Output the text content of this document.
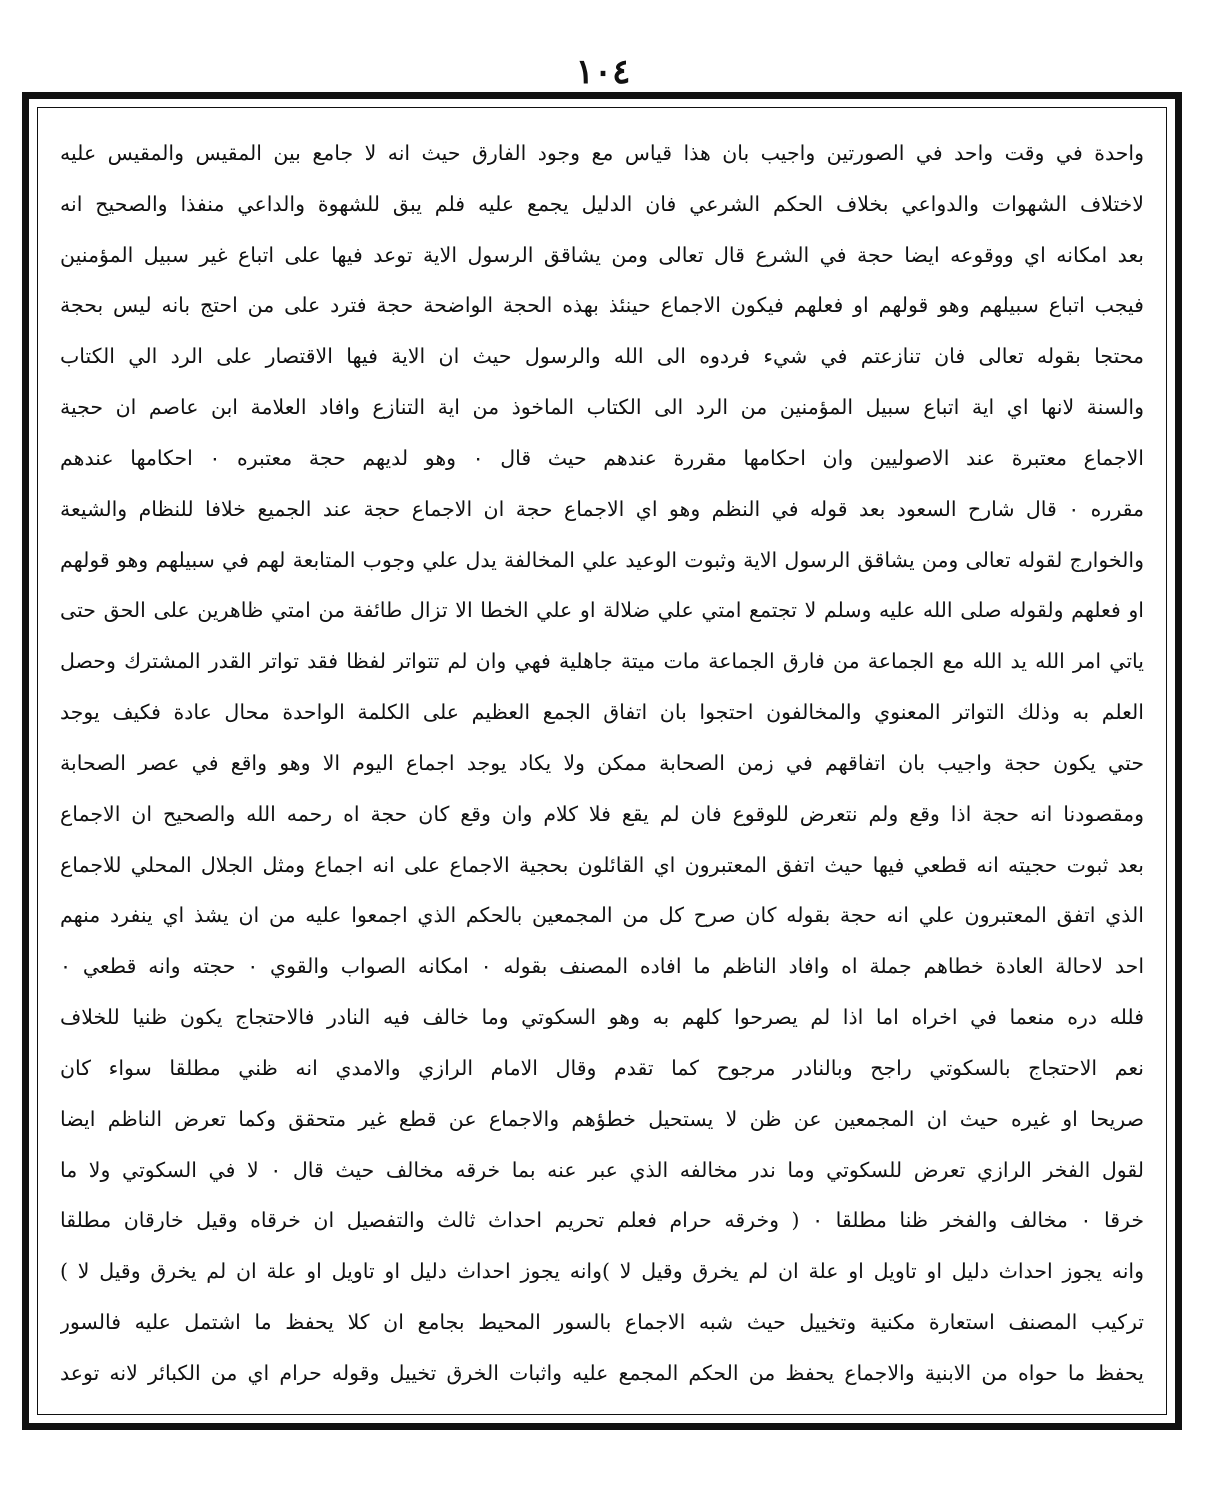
١٠٤
واحدة في وقت واحد في الصورتين واجيب بان هذا قياس مع وجود الفارق حيث انه لا جامع بين المقيس والمقيس عليه
لاختلاف الشهوات والدواعي بخلاف الحكم الشرعي فان الدليل يجمع عليه فلم يبق للشهوة والداعي منفذا والصحيح انه
بعد امكانه اي ووقوعه ايضا حجة في الشرع قال تعالى ومن يشاقق الرسول الاية توعد فيها على اتباع غير سبيل المؤمنين
فيجب اتباع سبيلهم وهو قولهم او فعلهم فيكون الاجماع حينئذ بهذه الحجة الواضحة حجة فترد على من احتج بانه ليس بحجة
محتجا بقوله تعالى فان تنازعتم في شيء فردوه الى الله والرسول حيث ان الاية فيها الاقتصار على الرد الي الكتاب
والسنة لانها اي اية اتباع سبيل المؤمنين من الرد الى الكتاب الماخوذ من اية التنازع وافاد العلامة ابن عاصم ان حجية
الاجماع معتبرة عند الاصوليين وان احكامها مقررة عندهم حيث قال ٠ وهو لديهم حجة معتبره ٠ احكامها عندهم
مقرره ٠ قال شارح السعود بعد قوله في النظم وهو اي الاجماع حجة ان الاجماع حجة عند الجميع خلافا للنظام والشيعة
والخوارج لقوله تعالى ومن يشاقق الرسول الاية وثبوت الوعيد علي المخالفة يدل علي وجوب المتابعة لهم في سبيلهم وهو قولهم
او فعلهم ولقوله صلى الله عليه وسلم لا تجتمع امتي علي ضلالة او علي الخطا الا تزال طائفة من امتي ظاهرين على الحق حتى
ياتي امر الله يد الله مع الجماعة من فارق الجماعة مات ميتة جاهلية فهي وان لم تتواتر لفظا فقد تواتر القدر المشترك وحصل
العلم به وذلك التواتر المعنوي والمخالفون احتجوا بان اتفاق الجمع العظيم على الكلمة الواحدة محال عادة فكيف يوجد
حتي يكون حجة واجيب بان اتفاقهم في زمن الصحابة ممكن ولا يكاد يوجد اجماع اليوم الا وهو واقع في عصر الصحابة
ومقصودنا انه حجة اذا وقع ولم نتعرض للوقوع فان لم يقع فلا كلام وان وقع كان حجة اه رحمه الله والصحيح ان الاجماع
بعد ثبوت حجيته انه قطعي فيها حيث اتفق المعتبرون اي القائلون بحجية الاجماع على انه اجماع ومثل الجلال المحلي للاجماع
الذي اتفق المعتبرون علي انه حجة بقوله كان صرح كل من المجمعين بالحكم الذي اجمعوا عليه من ان يشذ اي ينفرد منهم
احد لاحالة العادة خطاهم جملة اه وافاد الناظم ما افاده المصنف بقوله ٠ امكانه الصواب والقوي ٠ حجته وانه قطعي ٠
فلله دره منعما في اخراه اما اذا لم يصرحوا كلهم به وهو السكوتي وما خالف فيه النادر فالاحتجاج يكون ظنيا للخلاف
نعم الاحتجاج بالسكوتي راجح وبالنادر مرجوح كما تقدم وقال الامام الرازي والامدي انه ظني مطلقا سواء كان
صريحا او غيره حيث ان المجمعين عن ظن لا يستحيل خطؤهم والاجماع عن قطع غير متحقق وكما تعرض الناظم ايضا
لقول الفخر الرازي تعرض للسكوتي وما ندر مخالفه الذي عبر عنه بما خرقه مخالف حيث قال ٠ لا في السكوتي ولا ما
خرقا ٠ مخالف والفخر ظنا مطلقا ٠ ( وخرقه حرام فعلم تحريم احداث ثالث والتفصيل ان خرقاه وقيل خارقان مطلقا
وانه يجوز احداث دليل او تاويل او علة ان لم يخرق وقيل لا )وانه يجوز احداث دليل او تاويل او علة ان لم يخرق وقيل لا )
تركيب المصنف استعارة مكنية وتخييل حيث شبه الاجماع بالسور المحيط بجامع ان كلا يحفظ ما اشتمل عليه فالسور
يحفظ ما حواه من الابنية والاجماع يحفظ من الحكم المجمع عليه واثبات الخرق تخييل وقوله حرام اي من الكبائر لانه توعد
